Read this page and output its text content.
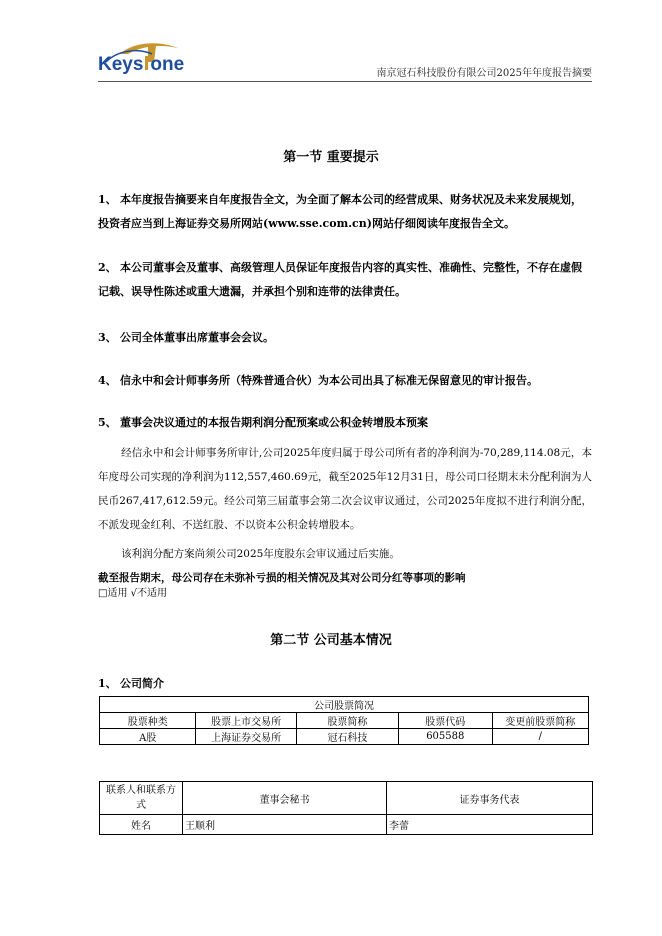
Keys one	南京冠石科技股份有限公司2025年年度报告摘要
第一节 重要提示
1、 本年度报告摘要来自年度报告全文，为全面了解本公司的经营成果、财务状况及未来发展规划，投资者应当到上海证券交易所网站(www.sse.com.cn)网站仔细阅读年度报告全文。
2、 本公司董事会及董事、高级管理人员保证年度报告内容的真实性、准确性、完整性，不存在虚假记载、误导性陈述或重大遗漏，并承担个别和连带的法律责任。
3、 公司全体董事出席董事会会议。
4、 信永中和会计师事务所（特殊普通合伙）为本公司出具了标准无保留意见的审计报告。
5、 董事会决议通过的本报告期利润分配预案或公积金转增股本预案
经信永中和会计师事务所审计,公司2025年度归属于母公司所有者的净利润为-70,289,114.08元，本年度母公司实现的净利润为112,557,460.69元，截至2025年12月31日，母公司口径期末未分配利润为人民币267,417,612.59元。经公司第三届董事会第二次会议审议通过，公司2025年度拟不进行利润分配，不派发现金红利、不送红股、不以资本公积金转增股本。
该利润分配方案尚须公司2025年度股东会审议通过后实施。
截至报告期末，母公司存在未弥补亏损的相关情况及其对公司分红等事项的影响
□适用 √不适用
第二节 公司基本情况
1、 公司简介
公司股票简况				
股票种类	股票上市交易所	股票简称	股票代码	变更前股票简称
A股	上海证券交易所	冠石科技	605588	/
联系人和联系方式	董事会秘书	证券事务代表
姓名	王顺利	李蕾
